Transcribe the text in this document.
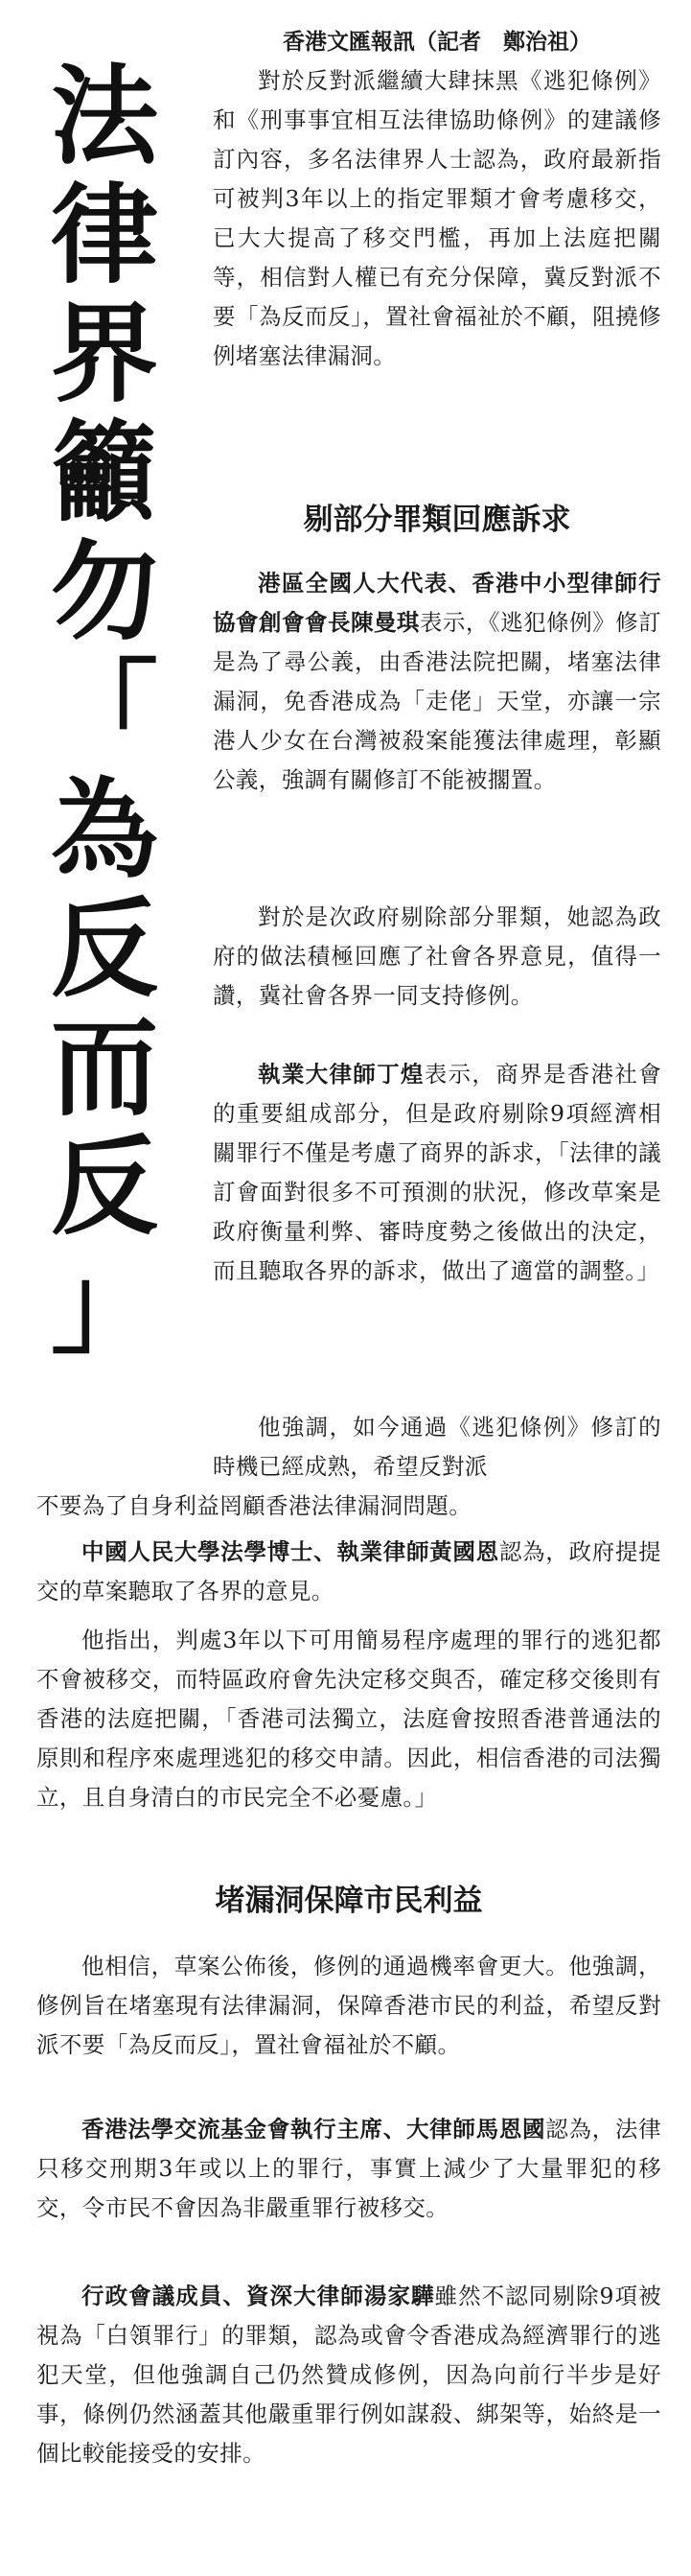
法
律
界
籲
勿
「
為
反
而
反
」
香港文匯報訊（記者　鄭治祖）

對於反對派繼續大肆抹黑《逃犯條例》和《刑事事宜相互法律協助條例》的建議修訂內容，多名法律界人士認為，政府最新指可被判3年以上的指定罪類才會考慮移交，已大大提高了移交門檻，再加上法庭把關等，相信對人權已有充分保障，冀反對派不要「為反而反」，置社會福祉於不顧，阻撓修例堵塞法律漏洞。

剔部分罪類回應訴求

港區全國人大代表、香港中小型律師行協會創會會長陳曼琪表示，《逃犯條例》修訂是為了尋公義，由香港法院把關，堵塞法律漏洞，免香港成為「走佬」天堂，亦讓一宗港人少女在台灣被殺案能獲法律處理，彰顯公義，強調有關修訂不能被擱置。

對於是次政府剔除部分罪類，她認為政府的做法積極回應了社會各界意見，值得一讚，冀社會各界一同支持修例。

執業大律師丁煌表示，商界是香港社會的重要組成部分，但是政府剔除9項經濟相關罪行不僅是考慮了商界的訴求，「法律的議訂會面對很多不可預測的狀況，修改草案是政府衡量利弊、審時度勢之後做出的決定，而且聽取各界的訴求，做出了適當的調整。」

他強調，如今通過《逃犯條例》修訂的時機已經成熟，希望反對派

不要為了自身利益罔顧香港法律漏洞問題。

中國人民大學法學博士、執業律師黃國恩認為，政府提提交的草案聽取了各界的意見。

他指出，判處3年以下可用簡易程序處理的罪行的逃犯都不會被移交，而特區政府會先決定移交與否，確定移交後則有香港的法庭把關，「香港司法獨立，法庭會按照香港普通法的原則和程序來處理逃犯的移交申請。因此，相信香港的司法獨立，且自身清白的市民完全不必憂慮。」

堵漏洞保障市民利益

他相信，草案公佈後，修例的通過機率會更大。他強調，修例旨在堵塞現有法律漏洞，保障香港市民的利益，希望反對派不要「為反而反」，置社會福祉於不顧。

香港法學交流基金會執行主席、大律師馬恩國認為，法律只移交刑期3年或以上的罪行，事實上減少了大量罪犯的移交，令市民不會因為非嚴重罪行被移交。

行政會議成員、資深大律師湯家驊雖然不認同剔除9項被視為「白領罪行」的罪類，認為或會令香港成為經濟罪行的逃犯天堂，但他強調自己仍然贊成修例，因為向前行半步是好事，條例仍然涵蓋其他嚴重罪行例如謀殺、綁架等，始終是一個比較能接受的安排。
